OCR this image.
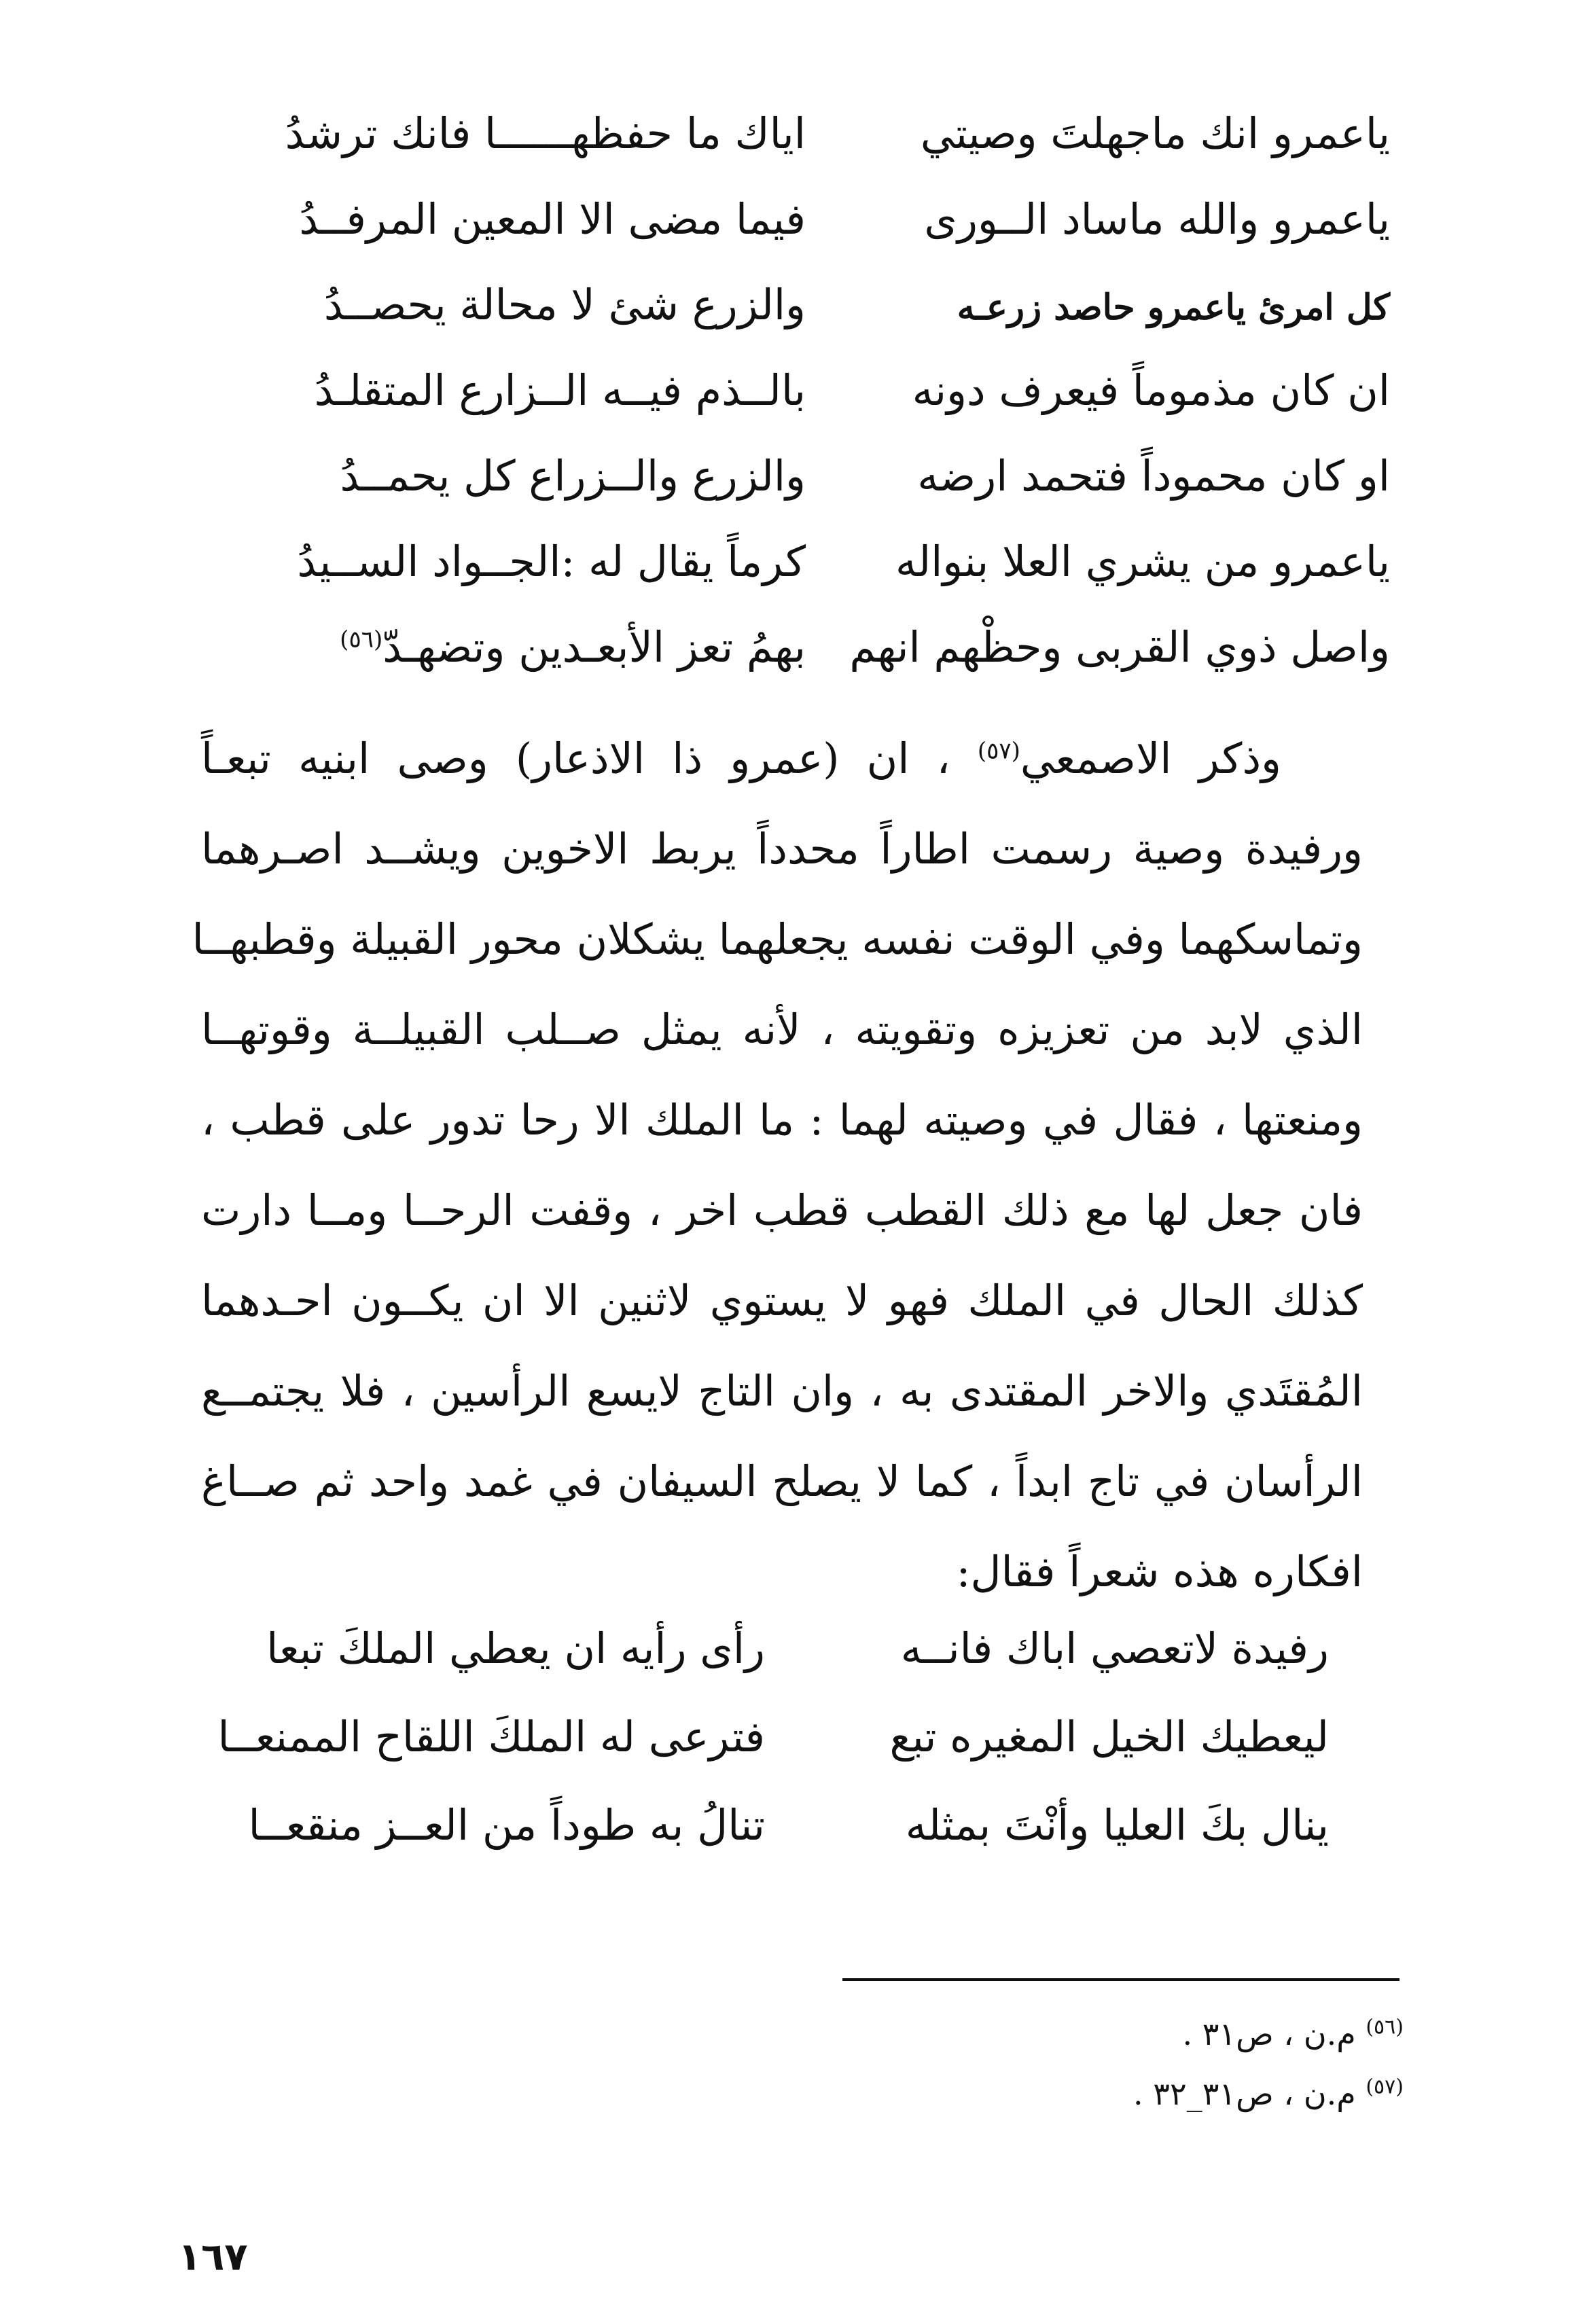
ياعمرو انك ماجهلتَ وصيتي
اياك ما حفظهــــــا فانك ترشدُ
ياعمرو والله ماساد الــورى
فيما مضى الا المعين المرفــدُ
كل امرئ ياعمرو حاصد زرعـه
والزرع شئ لا محالة يحصــدُ
ان كان مذموماً فيعرف دونه
بالــذم فيــه الــزارع المتقلـدُ
او كان محموداً فتحمد ارضه
والزرع والــزراع كل يحمــدُ
ياعمرو من يشري العلا بنواله
كرماً يقال له :الجــواد الســيدُ
واصل ذوي القربى وحظْهم انهم
بهمُ تعز الأبعـدين وتضهـدّ$^{(٥٦)}$

وذكر الاصمعي$^{(٥٧)}$ ، ان (عمرو ذا الاذعار) وصى ابنيه تبعـاً

ورفيدة وصية رسمت اطاراً محدداً يربط الاخوين ويشــد اصـرهما

وتماسكهما وفي الوقت نفسه يجعلهما يشكلان محور القبيلة وقطبهــا

الذي لابد من تعزيزه وتقويته ، لأنه يمثل صــلب القبيلــة وقوتهــا

ومنعتها ، فقال في وصيته لهما : ما الملك الا رحا تدور على قطب ،

فان جعل لها مع ذلك القطب قطب اخر ، وقفت الرحــا ومــا دارت

كذلك الحال في الملك فهو لا يستوي لاثنين الا ان يكــون احـدهما

المُقتَدي والاخر المقتدى به ، وان التاج لايسع الرأسين ، فلا يجتمــع

الرأسان في تاج ابداً ، كما لا يصلح السيفان في غمد واحد ثم صــاغ

افكاره هذه شعراً فقال:

رفيدة لاتعصي اباك فانــه
رأى رأيه ان يعطي الملكَ تبعا
ليعطيك الخيل المغيره تبع
فترعى له الملكَ اللقاح الممنعــا
ينال بكَ العليا وأنْتَ بمثله
تنالُ به طوداً من العــز منقعــا
$^{(٥٦)}$ م.ن ، ص٣١ .
$^{(٥٧)}$ م.ن ، ص٣١_٣٢ .
١٦٧
